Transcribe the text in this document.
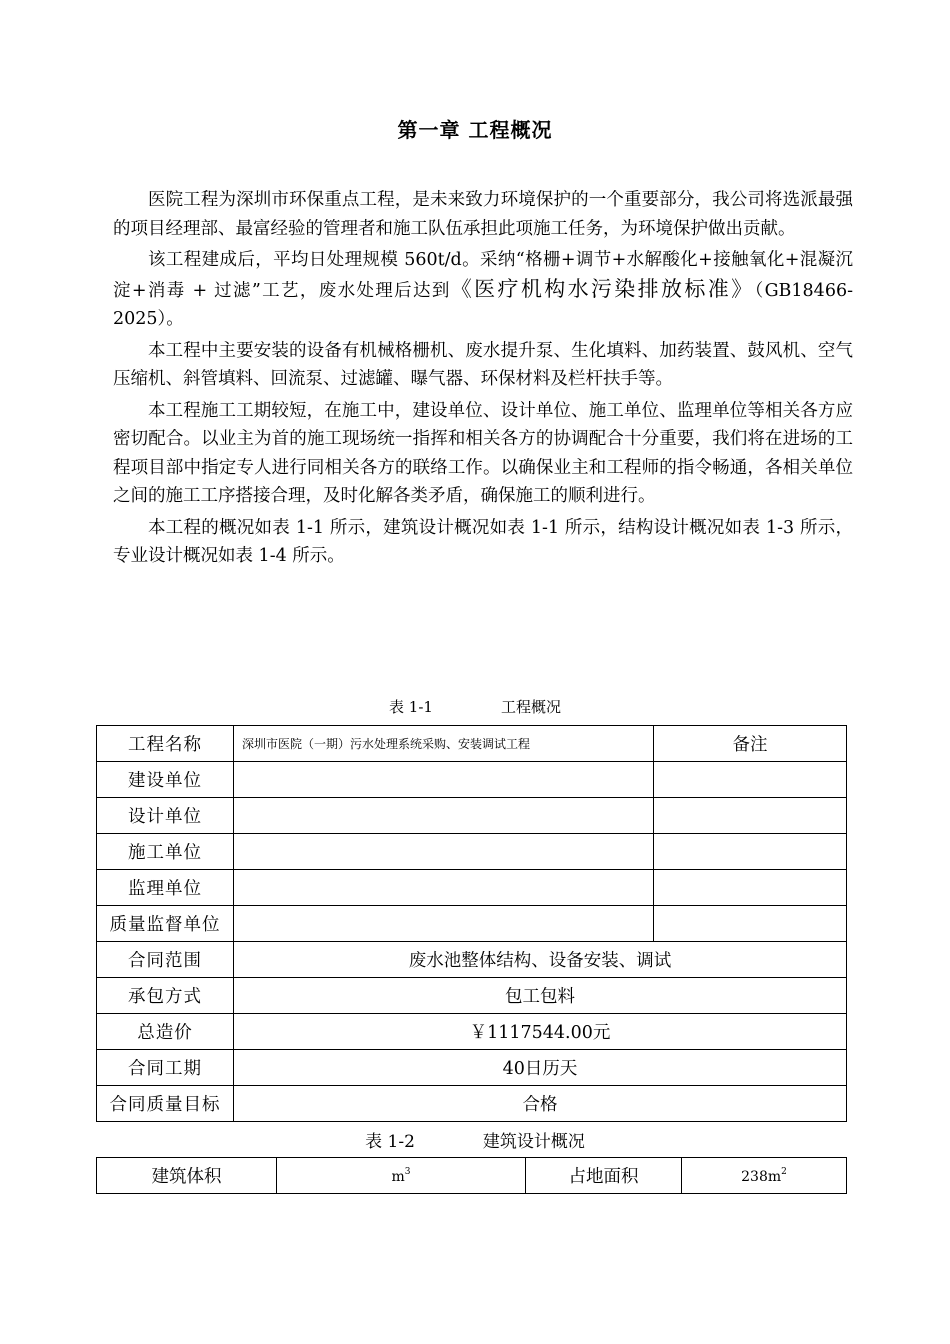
第一章 工程概况

医院工程为深圳市环保重点工程，是未来致力环境保护的一个重要部分，我公司将选派最强的项目经理部、最富经验的管理者和施工队伍承担此项施工任务，为环境保护做出贡献。

该工程建成后，平均日处理规模 560t/d。采纳“格栅+调节+水解酸化+接触氧化+混凝沉淀+消毒 + 过滤”工艺，废水处理后达到《医疗机构水污染排放标准》（GB18466-2025）。

本工程中主要安装的设备有机械格栅机、废水提升泵、生化填料、加药装置、鼓风机、空气压缩机、斜管填料、回流泵、过滤罐、曝气器、环保材料及栏杆扶手等。

本工程施工工期较短，在施工中，建设单位、设计单位、施工单位、监理单位等相关各方应密切配合。以业主为首的施工现场统一指挥和相关各方的协调配合十分重要，我们将在进场的工程项目部中指定专人进行同相关各方的联络工作。以确保业主和工程师的指令畅通，各相关单位之间的施工工序搭接合理，及时化解各类矛盾，确保施工的顺利进行。

本工程的概况如表 1-1 所示，建筑设计概况如表 1-1 所示，结构设计概况如表 1-3 所示，专业设计概况如表 1-4 所示。

表 1-1	工程概况
工程名称	深圳市医院（一期）污水处理系统采购、安装调试工程	备注
建设单位		
设计单位		
施工单位		
监理单位		
质量监督单位		
合同范围	废水池整体结构、设备安装、调试	
承包方式	包工包料	
总造价	￥1117544.00元	
合同工期	40日历天	
合同质量目标	合格	
表 1-2	建筑设计概况
建筑体积	$m^3$	占地面积	$238m^2$
